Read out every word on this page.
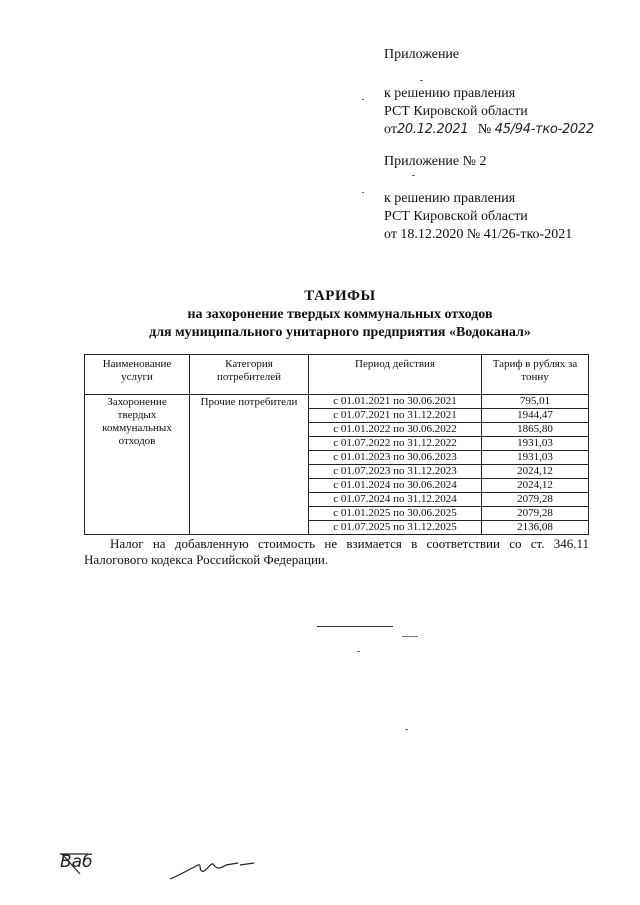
Приложение
к решению правления
РСТ Кировской области
от20.12.2021 № 45/94-тко-2022
Приложение № 2
к решению правления
РСТ Кировской области
от 18.12.2020 № 41/26-тко-2021
ТАРИФЫ
на захоронение твердых коммунальных отходов
для муниципального унитарного предприятия «Водоканал»
Наименование услуги	Категория потребителей	Период действия	Тариф в рублях за тонну
Захоронение твердых коммунальных отходов	Прочие потребители	с 01.01.2021 по 30.06.2021	795,01
		с 01.07.2021 по 31.12.2021	1944,47
		с 01.01.2022 по 30.06.2022	1865,80
		с 01.07.2022 по 31.12.2022	1931,03
		с 01.01.2023 по 30.06.2023	1931,03
		с 01.07.2023 по 31.12.2023	2024,12
		с 01.01.2024 по 30.06.2024	2024,12
		с 01.07.2024 по 31.12.2024	2079,28
		с 01.01.2025 по 30.06.2025	2079,28
		с 01.07.2025 по 31.12.2025	2136,08
Налог на добавленную стоимость не взимается в соответствии со ст. 346.11 Налогового кодекса Российской Федерации.
Ваб
